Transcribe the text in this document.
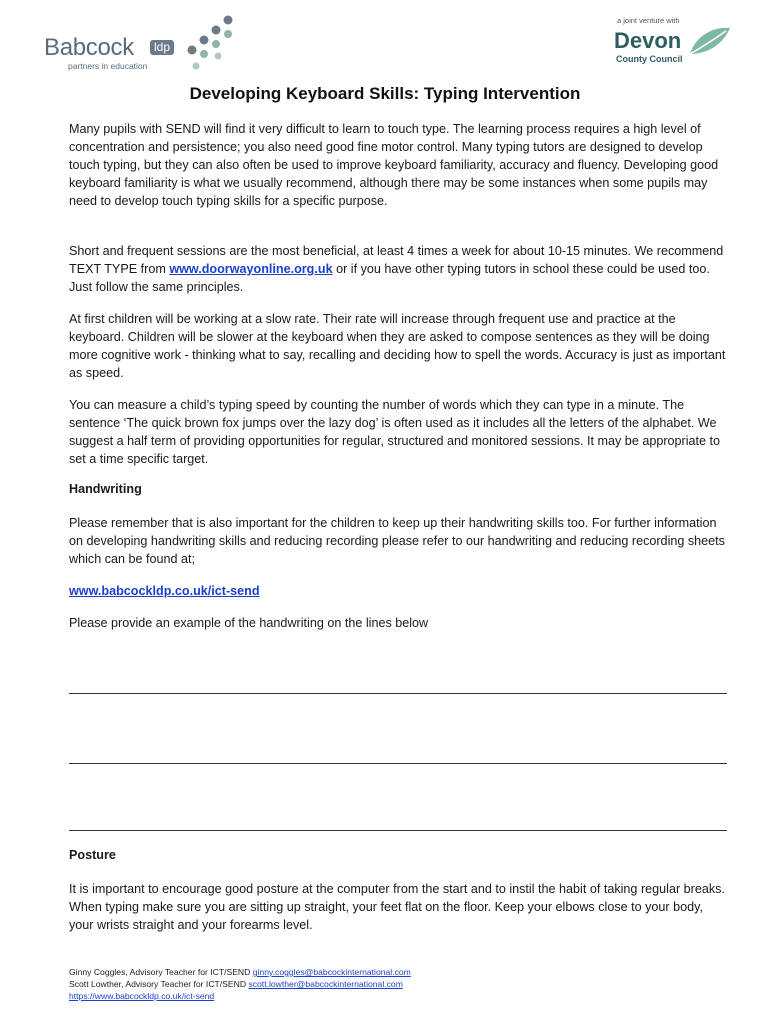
Babcock	ldp
partners in education
a joint venture with
Devon
County Council
Developing Keyboard Skills: Typing Intervention

Many pupils with SEND will find it very difficult to learn to touch type. The learning process requires a high level of concentration and persistence; you also need good fine motor control. Many typing tutors are designed to develop touch typing, but they can also often be used to improve keyboard familiarity, accuracy and fluency. Developing good keyboard familiarity is what we usually recommend, although there may be some instances when some pupils may need to develop touch typing skills for a specific purpose.

Short and frequent sessions are the most beneficial, at least 4 times a week for about 10-15 minutes. We recommend TEXT TYPE from www.doorwayonline.org.uk or if you have other typing tutors in school these could be used too. Just follow the same principles.

At first children will be working at a slow rate. Their rate will increase through frequent use and practice at the keyboard. Children will be slower at the keyboard when they are asked to compose sentences as they will be doing more cognitive work - thinking what to say, recalling and deciding how to spell the words. Accuracy is just as important as speed.

You can measure a child’s typing speed by counting the number of words which they can type in a minute. The sentence ‘The quick brown fox jumps over the lazy dog’ is often used as it includes all the letters of the alphabet. We suggest a half term of providing opportunities for regular, structured and monitored sessions. It may be appropriate to set a time specific target.

Handwriting

Please remember that is also important for the children to keep up their handwriting skills too. For further information on developing handwriting skills and reducing recording please refer to our handwriting and reducing recording sheets which can be found at;

www.babcockldp.co.uk/ict-send

Please provide an example of the handwriting on the lines below

Posture

It is important to encourage good posture at the computer from the start and to instil the habit of taking regular breaks. When typing make sure you are sitting up straight, your feet flat on the floor. Keep your elbows close to your body, your wrists straight and your forearms level.

Ginny Coggles, Advisory Teacher for ICT/SEND ginny.coggles@babcockinternational.com
Scott Lowther, Advisory Teacher for ICT/SEND scott.lowther@babcockinternational.com
https://www.babcockldp.co.uk/ict-send
